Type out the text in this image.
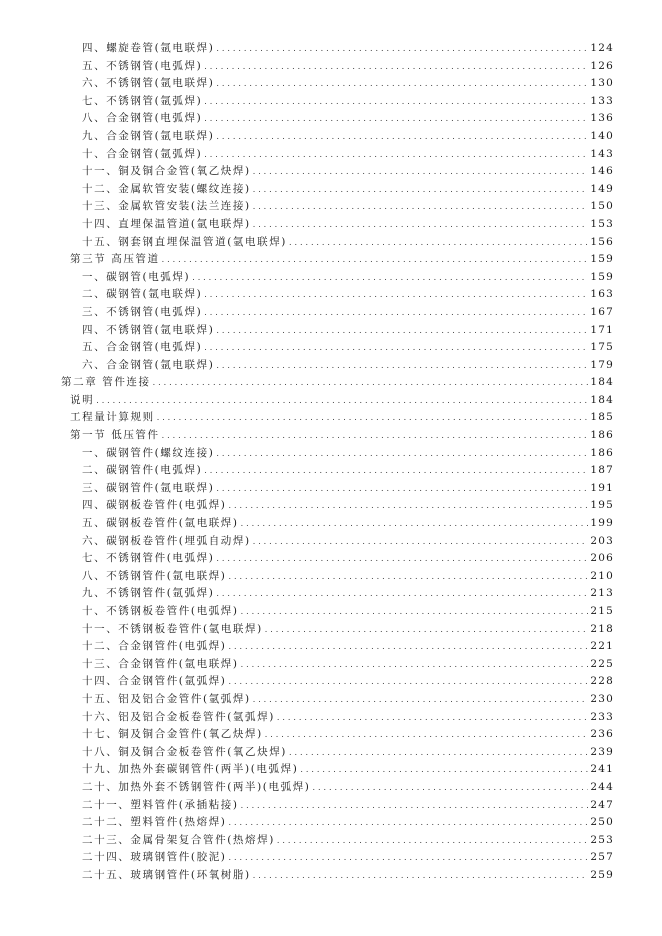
四、螺旋卷管(氩电联焊) . . .	124
五、不锈钢管(电弧焊) . . .	126
六、不锈钢管(氩电联焊) . . .	130
七、不锈钢管(氩弧焊) . . .	133
八、合金钢管(电弧焊) . . .	136
九、合金钢管(氩电联焊) . . .	140
十、合金钢管(氩弧焊) . . .	143
十一、铜及铜合金管(氧乙炔焊) . . .	146
十二、金属软管安装(螺纹连接) . . .	149
十三、金属软管安装(法兰连接) . . .	150
十四、直埋保温管道(氩电联焊) . . .	153
十五、钢套钢直埋保温管道(氩电联焊) . . .	156
第三节 高压管道 . . .	159
一、碳钢管(电弧焊) . . .	159
二、碳钢管(氩电联焊) . . .	163
三、不锈钢管(电弧焊) . . .	167
四、不锈钢管(氩电联焊) . . .	171
五、合金钢管(电弧焊) . . .	175
六、合金钢管(氩电联焊) . . .	179
第二章 管件连接 . . .	184
说明 . . .	184
工程量计算规则 . . .	185
第一节 低压管件 . . .	186
一、碳钢管件(螺纹连接) . . .	186
二、碳钢管件(电弧焊) . . .	187
三、碳钢管件(氩电联焊) . . .	191
四、碳钢板卷管件(电弧焊) . . .	195
五、碳钢板卷管件(氩电联焊) . . .	199
六、碳钢板卷管件(埋弧自动焊) . . .	203
七、不锈钢管件(电弧焊) . . .	206
八、不锈钢管件(氩电联焊) . . .	210
九、不锈钢管件(氩弧焊) . . .	213
十、不锈钢板卷管件(电弧焊) . . .	215
十一、不锈钢板卷管件(氩电联焊) . . .	218
十二、合金钢管件(电弧焊) . . .	221
十三、合金钢管件(氩电联焊) . . .	225
十四、合金钢管件(氩弧焊) . . .	228
十五、铝及铝合金管件(氩弧焊) . . .	230
十六、铝及铝合金板卷管件(氩弧焊) . . .	233
十七、铜及铜合金管件(氧乙炔焊) . . .	236
十八、铜及铜合金板卷管件(氧乙炔焊) . . .	239
十九、加热外套碳钢管件(两半)(电弧焊) . . .	241
二十、加热外套不锈钢管件(两半)(电弧焊) . . .	244
二十一、塑料管件(承插粘接) . . .	247
二十二、塑料管件(热熔焊) . . .	250
二十三、金属骨架复合管件(热熔焊) . . .	253
二十四、玻璃钢管件(胶泥) . . .	257
二十五、玻璃钢管件(环氧树脂) . . .	259
